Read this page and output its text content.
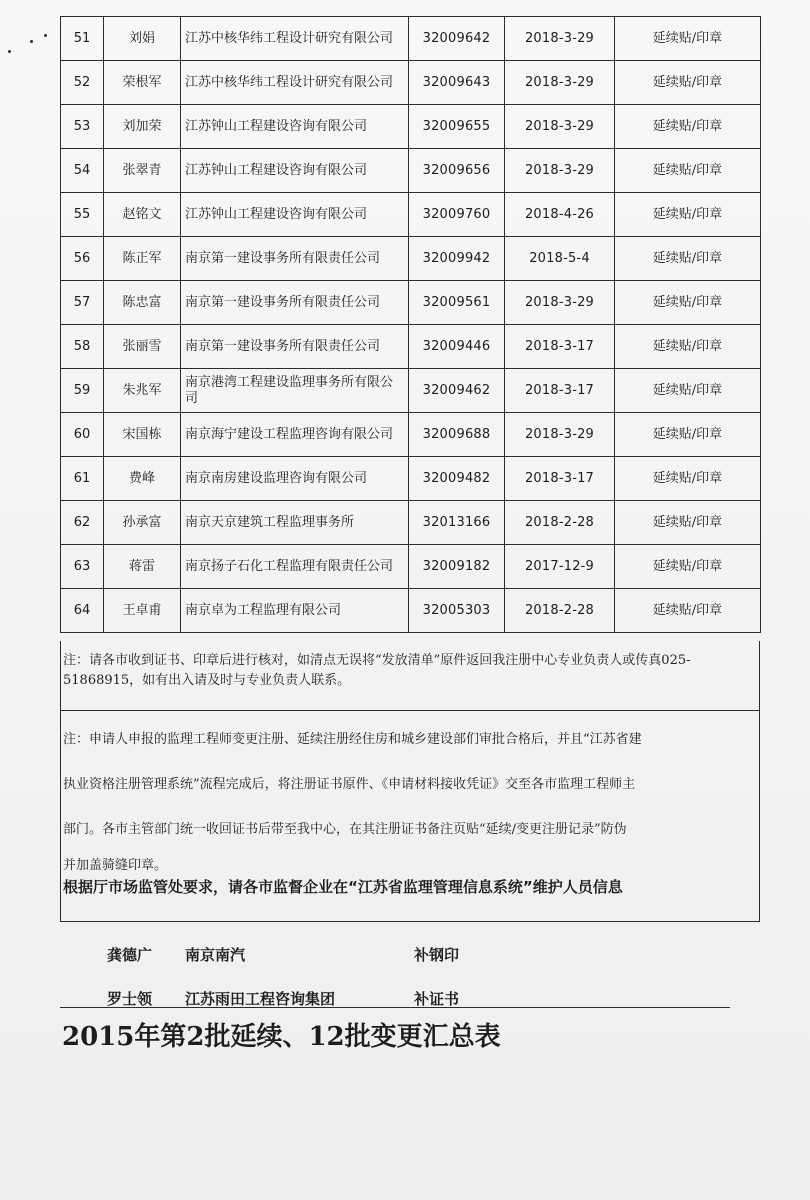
51	刘娟	江苏中核华纬工程设计研究有限公司	32009642	2018-3-29	延续贴/印章
52	荣根军	江苏中核华纬工程设计研究有限公司	32009643	2018-3-29	延续贴/印章
53	刘加荣	江苏钟山工程建设咨询有限公司	32009655	2018-3-29	延续贴/印章
54	张翠青	江苏钟山工程建设咨询有限公司	32009656	2018-3-29	延续贴/印章
55	赵铭文	江苏钟山工程建设咨询有限公司	32009760	2018-4-26	延续贴/印章
56	陈正军	南京第一建设事务所有限责任公司	32009942	2018-5-4	延续贴/印章
57	陈忠富	南京第一建设事务所有限责任公司	32009561	2018-3-29	延续贴/印章
58	张丽雪	南京第一建设事务所有限责任公司	32009446	2018-3-17	延续贴/印章
59	朱兆军	南京港湾工程建设监理事务所有限公司	32009462	2018-3-17	延续贴/印章
60	宋国栋	南京海宁建设工程监理咨询有限公司	32009688	2018-3-29	延续贴/印章
61	费峰	南京南房建设监理咨询有限公司	32009482	2018-3-17	延续贴/印章
62	孙承富	南京天京建筑工程监理事务所	32013166	2018-2-28	延续贴/印章
63	蒋雷	南京扬子石化工程监理有限责任公司	32009182	2017-12-9	延续贴/印章
64	王卓甫	南京卓为工程监理有限公司	32005303	2018-2-28	延续贴/印章
注：请各市收到证书、印章后进行核对，如清点无误将“发放清单”原件返回我注册中心专业负责人或传真025-51868915，如有出入请及时与专业负责人联系。
注：申请人申报的监理工程师变更注册、延续注册经住房和城乡建设部们审批合格后，并且“江苏省建
执业资格注册管理系统”流程完成后，将注册证书原件、《申请材料接收凭证》交至各市监理工程师主
部门。各市主管部门统一收回证书后带至我中心，在其注册证书备注页贴“延续/变更注册记录”防伪
并加盖骑缝印章。
根据厅市场监管处要求，请各市监督企业在“江苏省监理管理信息系统”维护人员信息
龚德广 南京南汽	补钢印
罗士领 江苏雨田工程咨询集团	补证书
2015年第2批延续、12批变更汇总表
